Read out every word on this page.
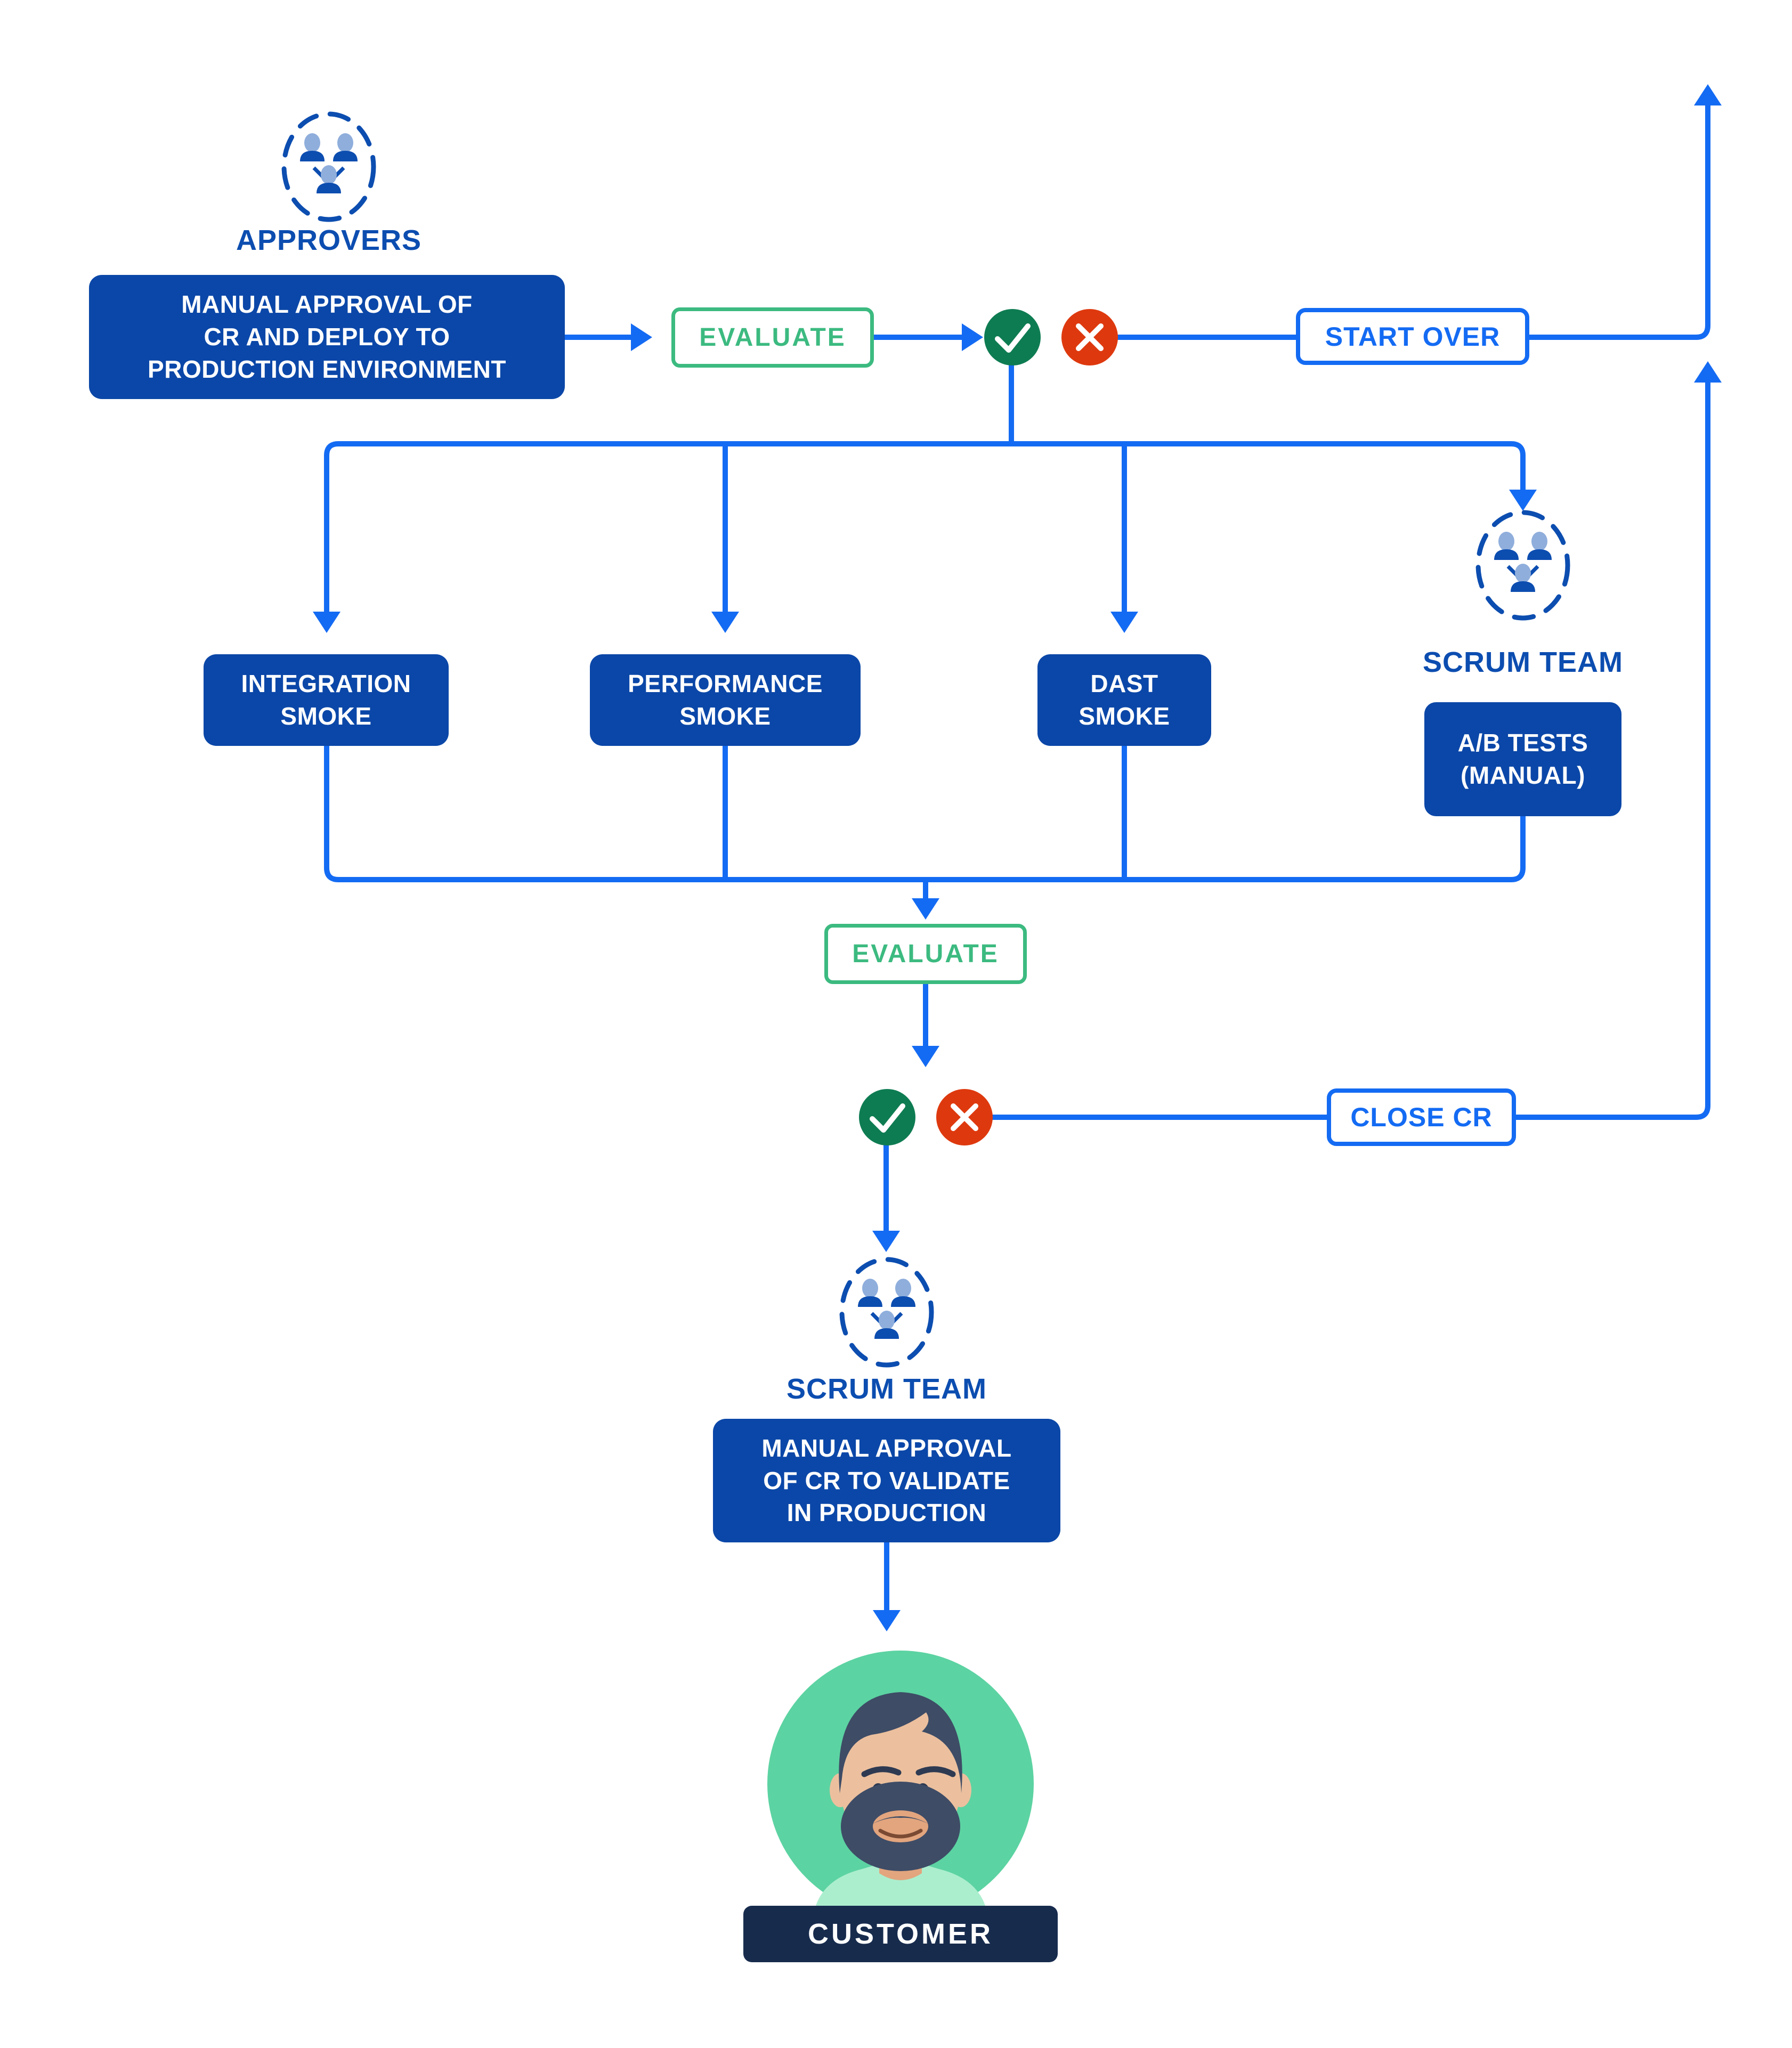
APPROVERS
MANUAL APPROVAL OF
CR AND DEPLOY TO
PRODUCTION ENVIRONMENT
EVALUATE	START OVER
INTEGRATION
SMOKE
PERFORMANCE
SMOKE
DAST
SMOKE
SCRUM TEAM
A/B TESTS
(MANUAL)
EVALUATE
CLOSE CR
SCRUM TEAM
MANUAL APPROVAL
OF CR TO VALIDATE
IN PRODUCTION
CUSTOMER
